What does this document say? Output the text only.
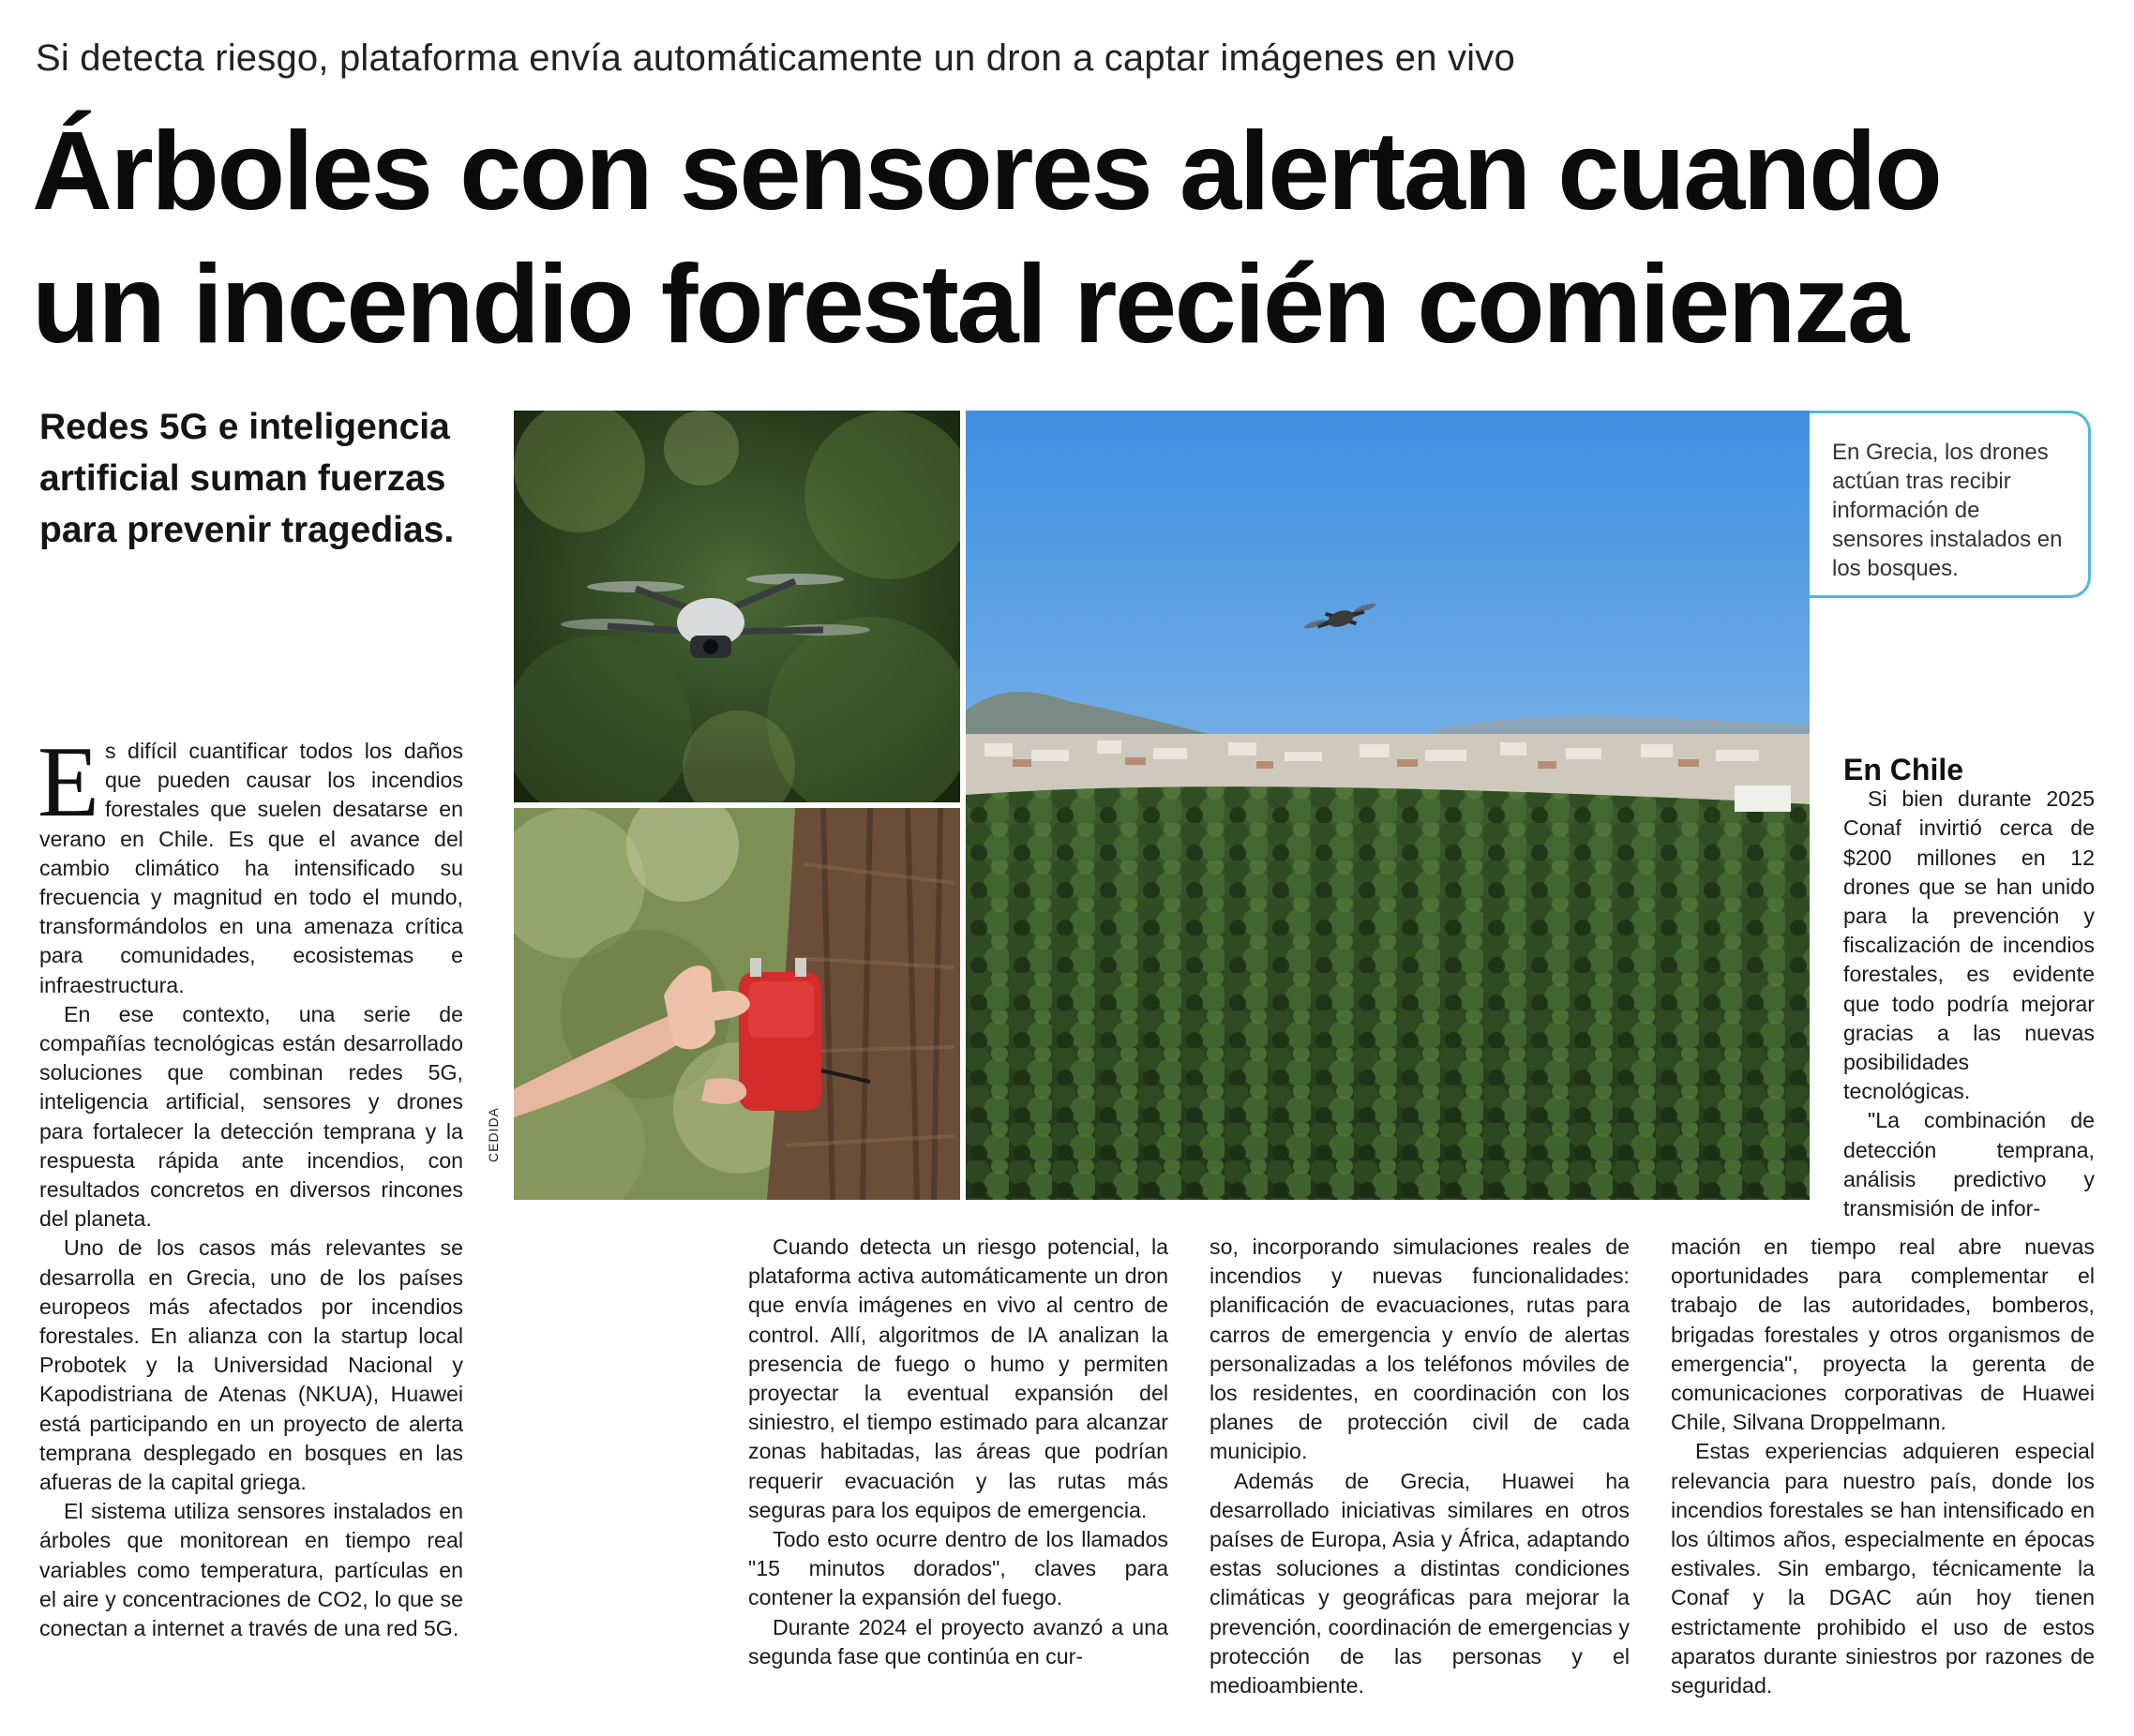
Si detecta riesgo, plataforma envía automáticamente un dron a captar imágenes en vivo
Árboles con sensores alertan cuando
un incendio forestal recién comienza
Redes 5G e inteligencia artificial suman fuerzas para prevenir tragedias.
CEDIDA
En Grecia, los drones actúan tras recibir información de sensores instalados en los bosques.

Es difícil cuantificar todos los daños que pueden causar los incendios forestales que suelen desatarse en verano en Chile. Es que el avance del cambio climático ha intensificado su frecuencia y magnitud en todo el mundo, transformándolos en una amenaza crítica para comunidades, ecosistemas e infraestructura.

En ese contexto, una serie de compañías tecnológicas están desarrollado soluciones que combinan redes 5G, inteligencia artificial, sensores y drones para fortalecer la detección temprana y la respuesta rápida ante incendios, con resultados concretos en diversos rincones del planeta.

Uno de los casos más relevantes se desarrolla en Grecia, uno de los países europeos más afectados por incendios forestales. En alianza con la startup local Probotek y la Universidad Nacional y Kapodistriana de Atenas (NKUA), Huawei está participando en un proyecto de alerta temprana desplegado en bosques en las afueras de la capital griega.

El sistema utiliza sensores instalados en árboles que monitorean en tiempo real variables como temperatura, partículas en el aire y concentraciones de CO2, lo que se conectan a internet a través de una red 5G.

Cuando detecta un riesgo potencial, la plataforma activa automáticamente un dron que envía imágenes en vivo al centro de control. Allí, algoritmos de IA analizan la presencia de fuego o humo y permiten proyectar la eventual expansión del siniestro, el tiempo estimado para alcanzar zonas habitadas, las áreas que podrían requerir evacuación y las rutas más seguras para los equipos de emergencia.

Todo esto ocurre dentro de los llamados "15 minutos dorados", claves para contener la expansión del fuego.

Durante 2024 el proyecto avanzó a una segunda fase que continúa en cur-

so, incorporando simulaciones reales de incendios y nuevas funcionalidades: planificación de evacuaciones, rutas para carros de emergencia y envío de alertas personalizadas a los teléfonos móviles de los residentes, en coordinación con los planes de protección civil de cada municipio.

Además de Grecia, Huawei ha desarrollado iniciativas similares en otros países de Europa, Asia y África, adaptando estas soluciones a distintas condiciones climáticas y geográficas para mejorar la prevención, coordinación de emergencias y protección de las personas y el medioambiente.

En Chile

Si bien durante 2025 Conaf invirtió cerca de $200 millones en 12 drones que se han unido para la prevención y fiscalización de incendios forestales, es evidente que todo podría mejorar gracias a las nuevas posibilidades tecnológicas.

"La combinación de detección temprana, análisis predictivo y transmisión de infor-

mación en tiempo real abre nuevas oportunidades para complementar el trabajo de las autoridades, bomberos, brigadas forestales y otros organismos de emergencia", proyecta la gerenta de comunicaciones corporativas de Huawei Chile, Silvana Droppelmann.

Estas experiencias adquieren especial relevancia para nuestro país, donde los incendios forestales se han intensificado en los últimos años, especialmente en épocas estivales. Sin embargo, técnicamente la Conaf y la DGAC aún hoy tienen estrictamente prohibido el uso de estos aparatos durante siniestros por razones de seguridad.
